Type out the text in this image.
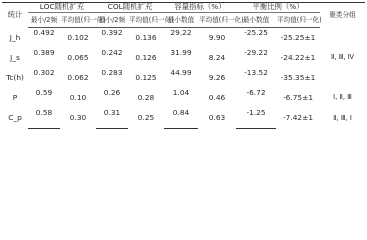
统计	LOC随机扩充		COL随机扩充		容量指标（%）		平衡比例（%）		聚类分组
	最小/2频	平均值(归一化)	最小/2频	平均值(归一化)	最小数值	平均值(归一化)	最小数值	平均值(归一化)	
J_h	0.492	0.102	0.392	0.136	29.22	9.90	-25.25	-25.25±1	Ⅱ, Ⅲ, Ⅳ

J_s	0.389	0.065	0.242	0.126	31.99	8.24	-29.22	-24.22±1	

Tc(h)	0.302	0.062	0.283	0.125	44.99	9.26	-13.52	-35.35±1	

P	0.59	0.10	0.26	0.28	1.04	0.46	-6.72	-6.75±1	Ⅰ, Ⅱ, Ⅲ

C_p	0.58	0.30	0.31	0.25	0.84	0.63	-1.25	-7.42±1	Ⅱ, Ⅲ, Ⅰ
